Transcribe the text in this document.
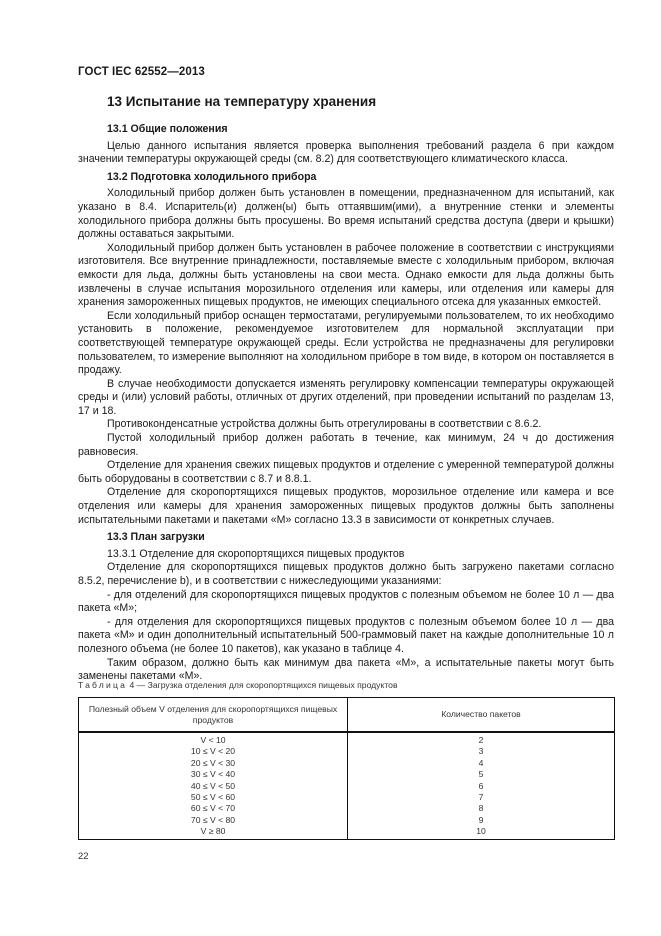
ГОСТ IEC 62552—2013
13 Испытание на температуру хранения
13.1 Общие положения

Целью данного испытания является проверка выполнения требований раздела 6 при каждом значении температуры окружающей среды (см. 8.2) для соответствующего климатического класса.

13.2 Подготовка холодильного прибора

Холодильный прибор должен быть установлен в помещении, предназначенном для испытаний, как указано в 8.4. Испаритель(и) должен(ы) быть оттаявшим(ими), а внутренние стенки и элементы холодильного прибора должны быть просушены. Во время испытаний средства доступа (двери и крышки) должны оставаться закрытыми.

Холодильный прибор должен быть установлен в рабочее положение в соответствии с инструкциями изготовителя. Все внутренние принадлежности, поставляемые вместе с холодильным прибором, включая емкости для льда, должны быть установлены на свои места. Однако емкости для льда должны быть извлечены в случае испытания морозильного отделения или камеры, или отделения или камеры для хранения замороженных пищевых продуктов, не имеющих специального отсека для указанных емкостей.

Если холодильный прибор оснащен термостатами, регулируемыми пользователем, то их необходимо установить в положение, рекомендуемое изготовителем для нормальной эксплуатации при соответствующей температуре окружающей среды. Если устройства не предназначены для регулировки пользователем, то измерение выполняют на холодильном приборе в том виде, в котором он поставляется в продажу.

В случае необходимости допускается изменять регулировку компенсации температуры окружающей среды и (или) условий работы, отличных от других отделений, при проведении испытаний по разделам 13, 17 и 18.

Противоконденсатные устройства должны быть отрегулированы в соответствии с 8.6.2.

Пустой холодильный прибор должен работать в течение, как минимум, 24 ч до достижения равновесия.

Отделение для хранения свежих пищевых продуктов и отделение с умеренной температурой должны быть оборудованы в соответствии с 8.7 и 8.8.1.

Отделение для скоропортящихся пищевых продуктов, морозильное отделение или камера и все отделения или камеры для хранения замороженных пищевых продуктов должны быть заполнены испытательными пакетами и пакетами «М» согласно 13.3 в зависимости от конкретных случаев.

13.3 План загрузки

13.3.1 Отделение для скоропортящихся пищевых продуктов

Отделение для скоропортящихся пищевых продуктов должно быть загружено пакетами согласно 8.5.2, перечисление b), и в соответствии с нижеследующими указаниями:

- для отделений для скоропортящихся пищевых продуктов с полезным объемом не более 10 л — два пакета «М»;

- для отделения для скоропортящихся пищевых продуктов с полезным объемом более 10 л — два пакета «М» и один дополнительный испытательный 500-граммовый пакет на каждые дополнительные 10 л полезного объема (не более 10 пакетов), как указано в таблице 4.

Таким образом, должно быть как минимум два пакета «М», а испытательные пакеты могут быть заменены пакетами «М».

Таблица 4 — Загрузка отделения для скоропортящихся пищевых продуктов
Полезный объем V отделения для скоропортящихся пищевых продуктов	Количество пакетов
V < 10	2
10 ≤ V < 20	3
20 ≤ V < 30	4
30 ≤ V < 40	5
40 ≤ V < 50	6
50 ≤ V < 60	7
60 ≤ V < 70	8
70 ≤ V < 80	9
V ≥ 80	10
22
